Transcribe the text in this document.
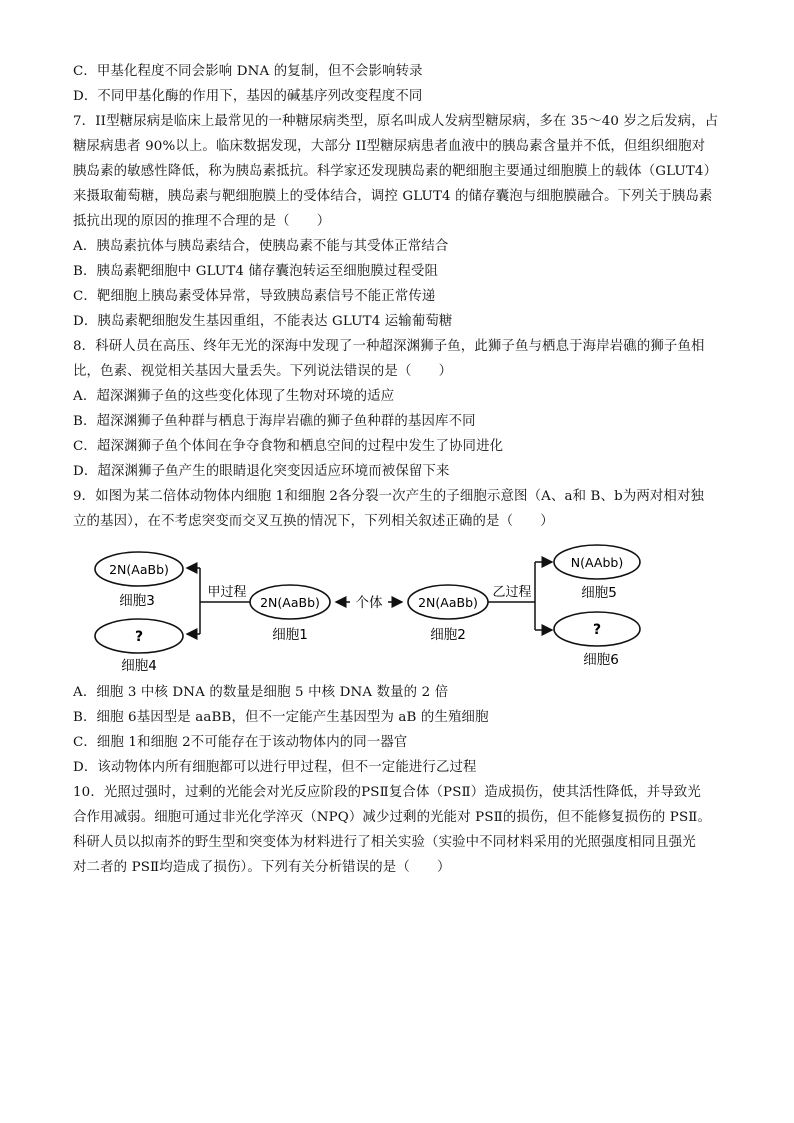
C．甲基化程度不同会影响 DNA 的复制，但不会影响转录
D．不同甲基化酶的作用下，基因的碱基序列改变程度不同
7．II型糖尿病是临床上最常见的一种糖尿病类型，原名叫成人发病型糖尿病，多在 35～40 岁之后发病，占
糖尿病患者 90%以上。临床数据发现，大部分 II型糖尿病患者血液中的胰岛素含量并不低，但组织细胞对
胰岛素的敏感性降低，称为胰岛素抵抗。科学家还发现胰岛素的靶细胞主要通过细胞膜上的载体（GLUT4）
来摄取葡萄糖，胰岛素与靶细胞膜上的受体结合，调控 GLUT4 的储存囊泡与细胞膜融合。下列关于胰岛素
抵抗出现的原因的推理不合理的是（　　）
A．胰岛素抗体与胰岛素结合，使胰岛素不能与其受体正常结合
B．胰岛素靶细胞中 GLUT4 储存囊泡转运至细胞膜过程受阻
C．靶细胞上胰岛素受体异常，导致胰岛素信号不能正常传递
D．胰岛素靶细胞发生基因重组，不能表达 GLUT4 运输葡萄糖
8．科研人员在高压、终年无光的深海中发现了一种超深渊狮子鱼，此狮子鱼与栖息于海岸岩礁的狮子鱼相
比，色素、视觉相关基因大量丢失。下列说法错误的是（　　）
A．超深渊狮子鱼的这些变化体现了生物对环境的适应
B．超深渊狮子鱼种群与栖息于海岸岩礁的狮子鱼种群的基因库不同
C．超深渊狮子鱼个体间在争夺食物和栖息空间的过程中发生了协同进化
D．超深渊狮子鱼产生的眼睛退化突变因适应环境而被保留下来
9．如图为某二倍体动物体内细胞 1和细胞 2各分裂一次产生的子细胞示意图（A、a和 B、b为两对相对独
立的基因），在不考虑突变而交叉互换的情况下，下列相关叙述正确的是（　　）
2N(AaBb)
细胞3
?
细胞4
甲过程
2N(AaBb)
细胞1
个体	2N(AaBb)
细胞2
乙过程
N(AAbb)
细胞5
?
细胞6
A．细胞 3 中核 DNA 的数量是细胞 5 中核 DNA 数量的 2 倍
B．细胞 6基因型是 aaBB，但不一定能产生基因型为 aB 的生殖细胞
C．细胞 1和细胞 2不可能存在于该动物体内的同一器官
D．该动物体内所有细胞都可以进行甲过程，但不一定能进行乙过程
10．光照过强时，过剩的光能会对光反应阶段的PSⅡ复合体（PSⅡ）造成损伤，使其活性降低，并导致光
合作用减弱。细胞可通过非光化学淬灭（NPQ）减少过剩的光能对 PSⅡ的损伤，但不能修复损伤的 PSⅡ。
科研人员以拟南芥的野生型和突变体为材料进行了相关实验（实验中不同材料采用的光照强度相同且强光
对二者的 PSⅡ均造成了损伤）。下列有关分析错误的是（　　）
